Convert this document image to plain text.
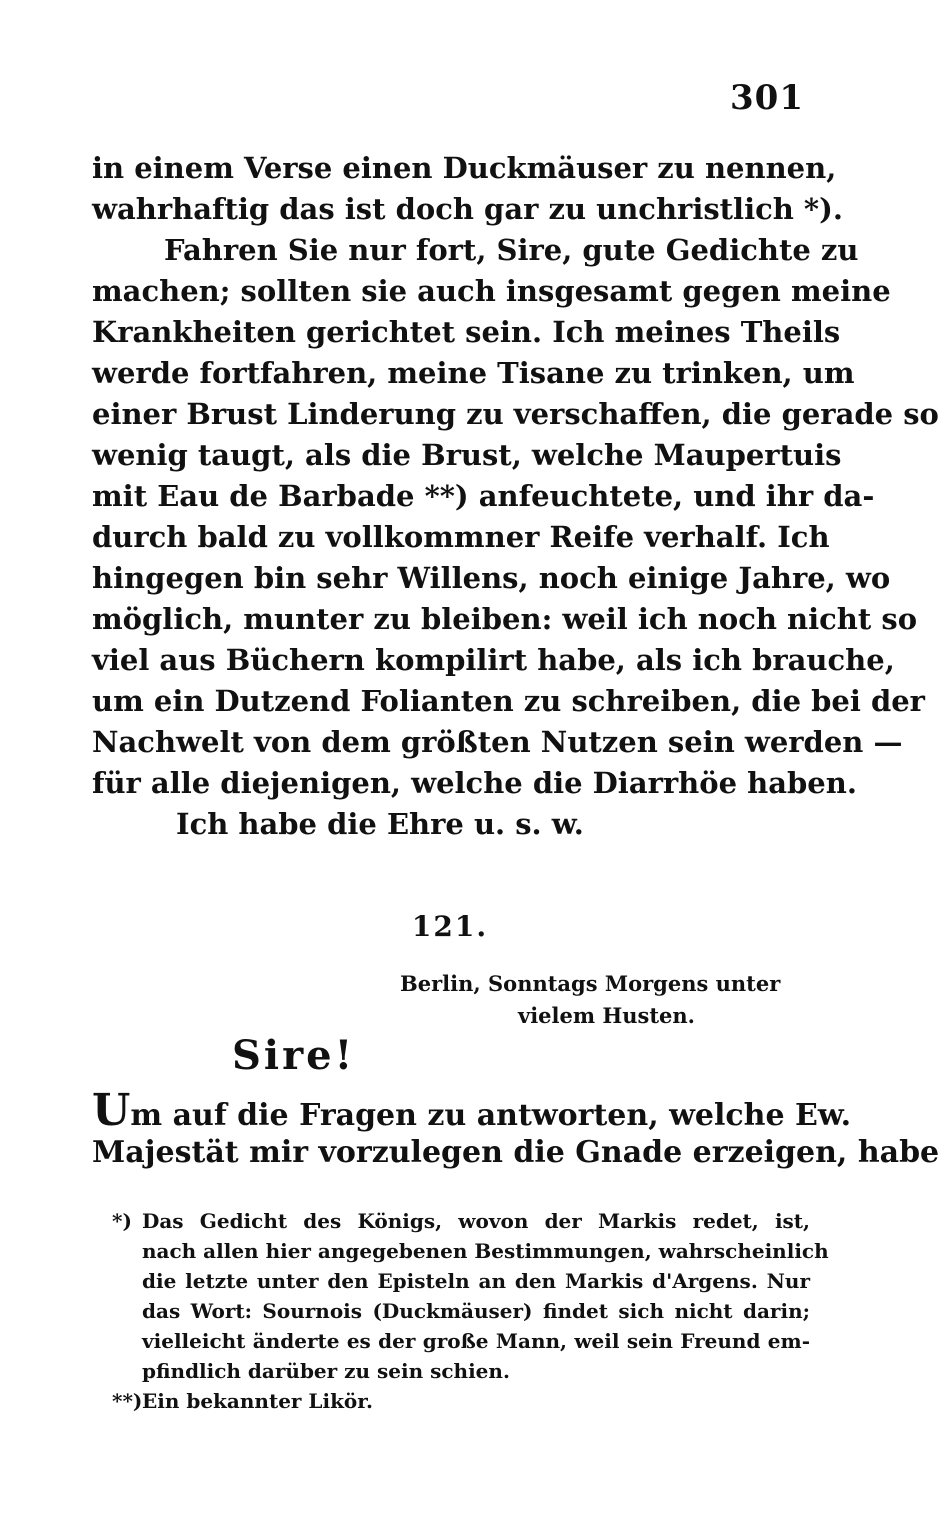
301
in einem Verse einen Duckmäuser zu nennen,
wahrhaftig das ist doch gar zu unchristlich *).
Fahren Sie nur fort, Sire, gute Gedichte zu
machen; sollten sie auch insgesamt gegen meine
Krankheiten gerichtet sein. Ich meines Theils
werde fortfahren, meine Tisane zu trinken, um
einer Brust Linderung zu verschaffen, die gerade so
wenig taugt, als die Brust, welche Maupertuis
mit Eau de Barbade **) anfeuchtete, und ihr da-
durch bald zu vollkommner Reife verhalf. Ich
hingegen bin sehr Willens, noch einige Jahre, wo
möglich, munter zu bleiben: weil ich noch nicht so
viel aus Büchern kompilirt habe, als ich brauche,
um ein Dutzend Folianten zu schreiben, die bei der
Nachwelt von dem größten Nutzen sein werden —
für alle diejenigen, welche die Diarrhöe haben.
Ich habe die Ehre u. s. w.
121.
Berlin, Sonntags Morgens unter
vielem Husten.
Sire!
Um auf die Fragen zu antworten, welche Ew.
Majestät mir vorzulegen die Gnade erzeigen, habe
*) Das Gedicht des Königs, wovon der Markis redet, ist,
nach allen hier angegebenen Bestimmungen, wahrscheinlich
die letzte unter den Episteln an den Markis d'Argens. Nur
das Wort: Sournois (Duckmäuser) findet sich nicht darin;
vielleicht änderte es der große Mann, weil sein Freund em-
pfindlich darüber zu sein schien.
**)Ein bekannter Likör.
